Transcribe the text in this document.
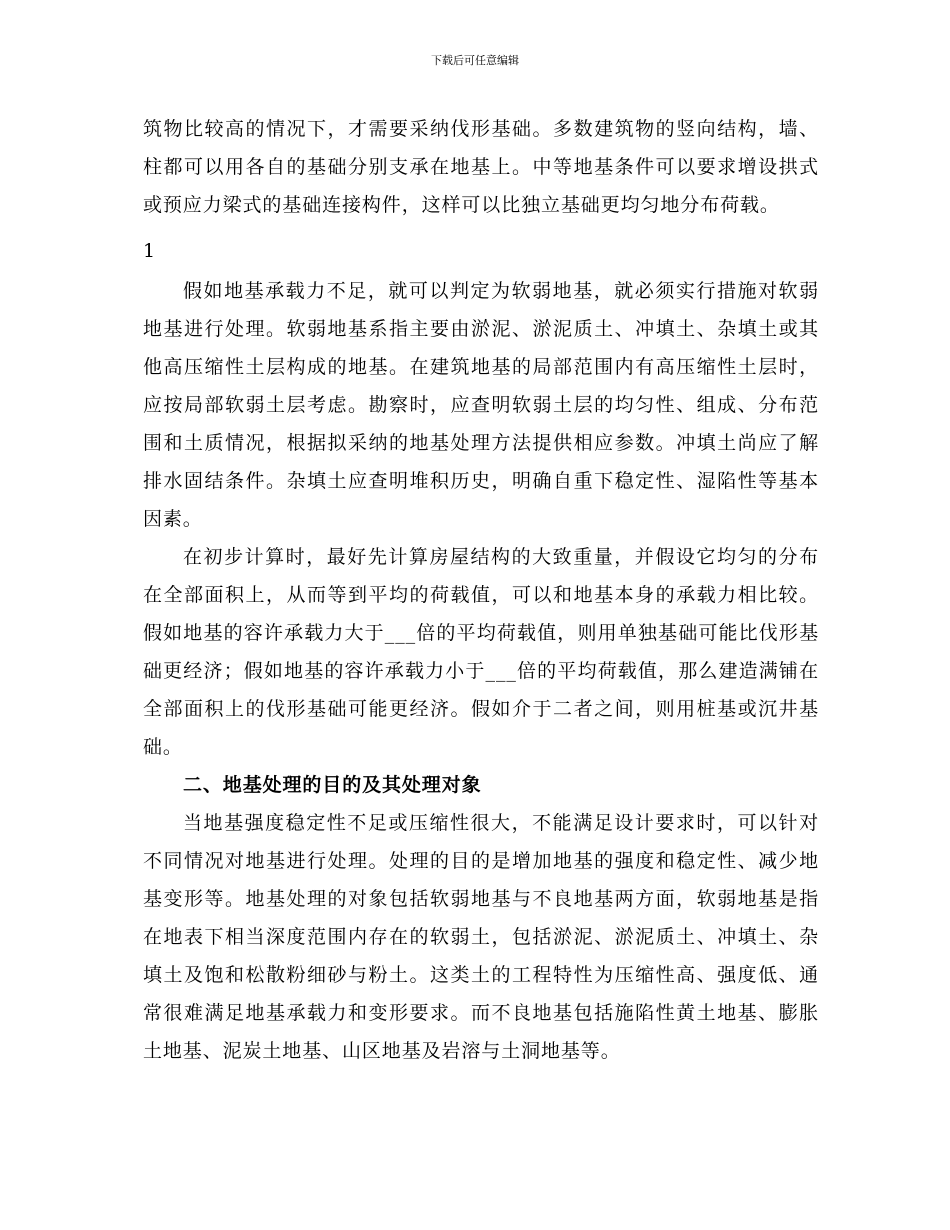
下载后可任意编辑

筑物比较高的情况下，才需要采纳伐形基础。多数建筑物的竖向结构，墙、柱都可以用各自的基础分别支承在地基上。中等地基条件可以要求增设拱式或预应力梁式的基础连接构件，这样可以比独立基础更均匀地分布荷载。

1

假如地基承载力不足，就可以判定为软弱地基，就必须实行措施对软弱地基进行处理。软弱地基系指主要由淤泥、淤泥质土、冲填土、杂填土或其他高压缩性土层构成的地基。在建筑地基的局部范围内有高压缩性土层时，应按局部软弱土层考虑。勘察时，应查明软弱土层的均匀性、组成、分布范围和土质情况，根据拟采纳的地基处理方法提供相应参数。冲填土尚应了解排水固结条件。杂填土应查明堆积历史，明确自重下稳定性、湿陷性等基本因素。

在初步计算时，最好先计算房屋结构的大致重量，并假设它均匀的分布在全部面积上，从而等到平均的荷载值，可以和地基本身的承载力相比较。假如地基的容许承载力大于___倍的平均荷载值，则用单独基础可能比伐形基础更经济；假如地基的容许承载力小于___倍的平均荷载值，那么建造满铺在全部面积上的伐形基础可能更经济。假如介于二者之间，则用桩基或沉井基础。

二、地基处理的目的及其处理对象

当地基强度稳定性不足或压缩性很大，不能满足设计要求时，可以针对不同情况对地基进行处理。处理的目的是增加地基的强度和稳定性、减少地基变形等。地基处理的对象包括软弱地基与不良地基两方面，软弱地基是指在地表下相当深度范围内存在的软弱土，包括淤泥、淤泥质土、冲填土、杂填土及饱和松散粉细砂与粉土。这类土的工程特性为压缩性高、强度低、通常很难满足地基承载力和变形要求。而不良地基包括施陷性黄土地基、膨胀土地基、泥炭土地基、山区地基及岩溶与土洞地基等。
